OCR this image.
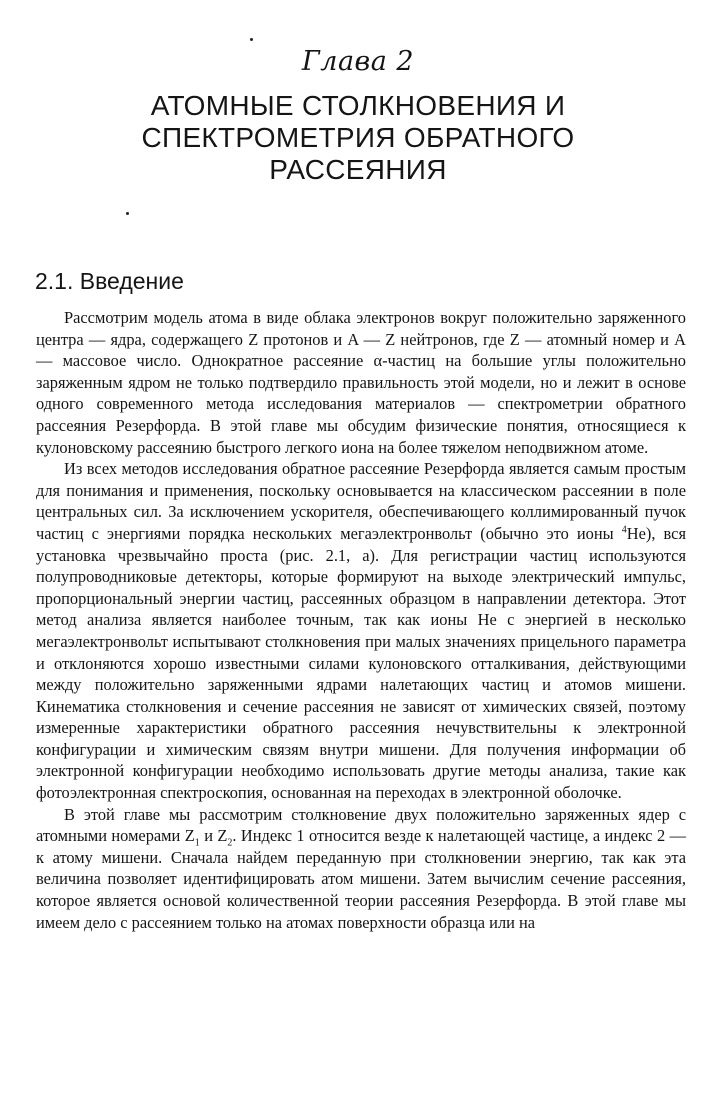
Глава 2
АТОМНЫЕ СТОЛКНОВЕНИЯ И
СПЕКТРОМЕТРИЯ ОБРАТНОГО
РАССЕЯНИЯ
2.1. Введение

Рассмотрим модель атома в виде облака электронов вокруг положительно заряженного центра — ядра, содержащего Z протонов и A — Z нейтронов, где Z — атомный номер и A — массовое число. Однократное рассеяние α-частиц на большие углы положительно заряженным ядром не только подтвердило правильность этой модели, но и лежит в основе одного современного метода исследования материалов — спектрометрии обратного рассеяния Резерфорда. В этой главе мы обсудим физические понятия, относящиеся к кулоновскому рассеянию быстрого легкого иона на более тяжелом неподвижном атоме.

Из всех методов исследования обратное рассеяние Резерфорда является самым простым для понимания и применения, поскольку основывается на классическом рассеянии в поле центральных сил. За исключением ускорителя, обеспечивающего коллимированный пучок частиц с энергиями порядка нескольких мегаэлектронвольт (обычно это ионы $^4$He), вся установка чрезвычайно проста (рис. 2.1, а). Для регистрации частиц используются полупроводниковые детекторы, которые формируют на выходе электрический импульс, пропорциональный энергии частиц, рассеянных образцом в направлении детектора. Этот метод анализа является наиболее точным, так как ионы He с энергией в несколько мегаэлектронвольт испытывают столкновения при малых значениях прицельного параметра и отклоняются хорошо известными силами кулоновского отталкивания, действующими между положительно заряженными ядрами налетающих частиц и атомов мишени. Кинематика столкновения и сечение рассеяния не зависят от химических связей, поэтому измеренные характеристики обратного рассеяния нечувствительны к электронной конфигурации и химическим связям внутри мишени. Для получения информации об электронной конфигурации необходимо использовать другие методы анализа, такие как фотоэлектронная спектроскопия, основанная на переходах в электронной оболочке.

В этой главе мы рассмотрим столкновение двух положительно заряженных ядер с атомными номерами $Z_1$ и $Z_2$. Индекс 1 относится везде к налетающей частице, а индекс 2 — к атому мишени. Сначала найдем переданную при столкновении энергию, так как эта величина позволяет идентифицировать атом мишени. Затем вычислим сечение рассеяния, которое является основой количественной теории рассеяния Резерфорда. В этой главе мы имеем дело с рассеянием только на атомах поверхности образца или на
